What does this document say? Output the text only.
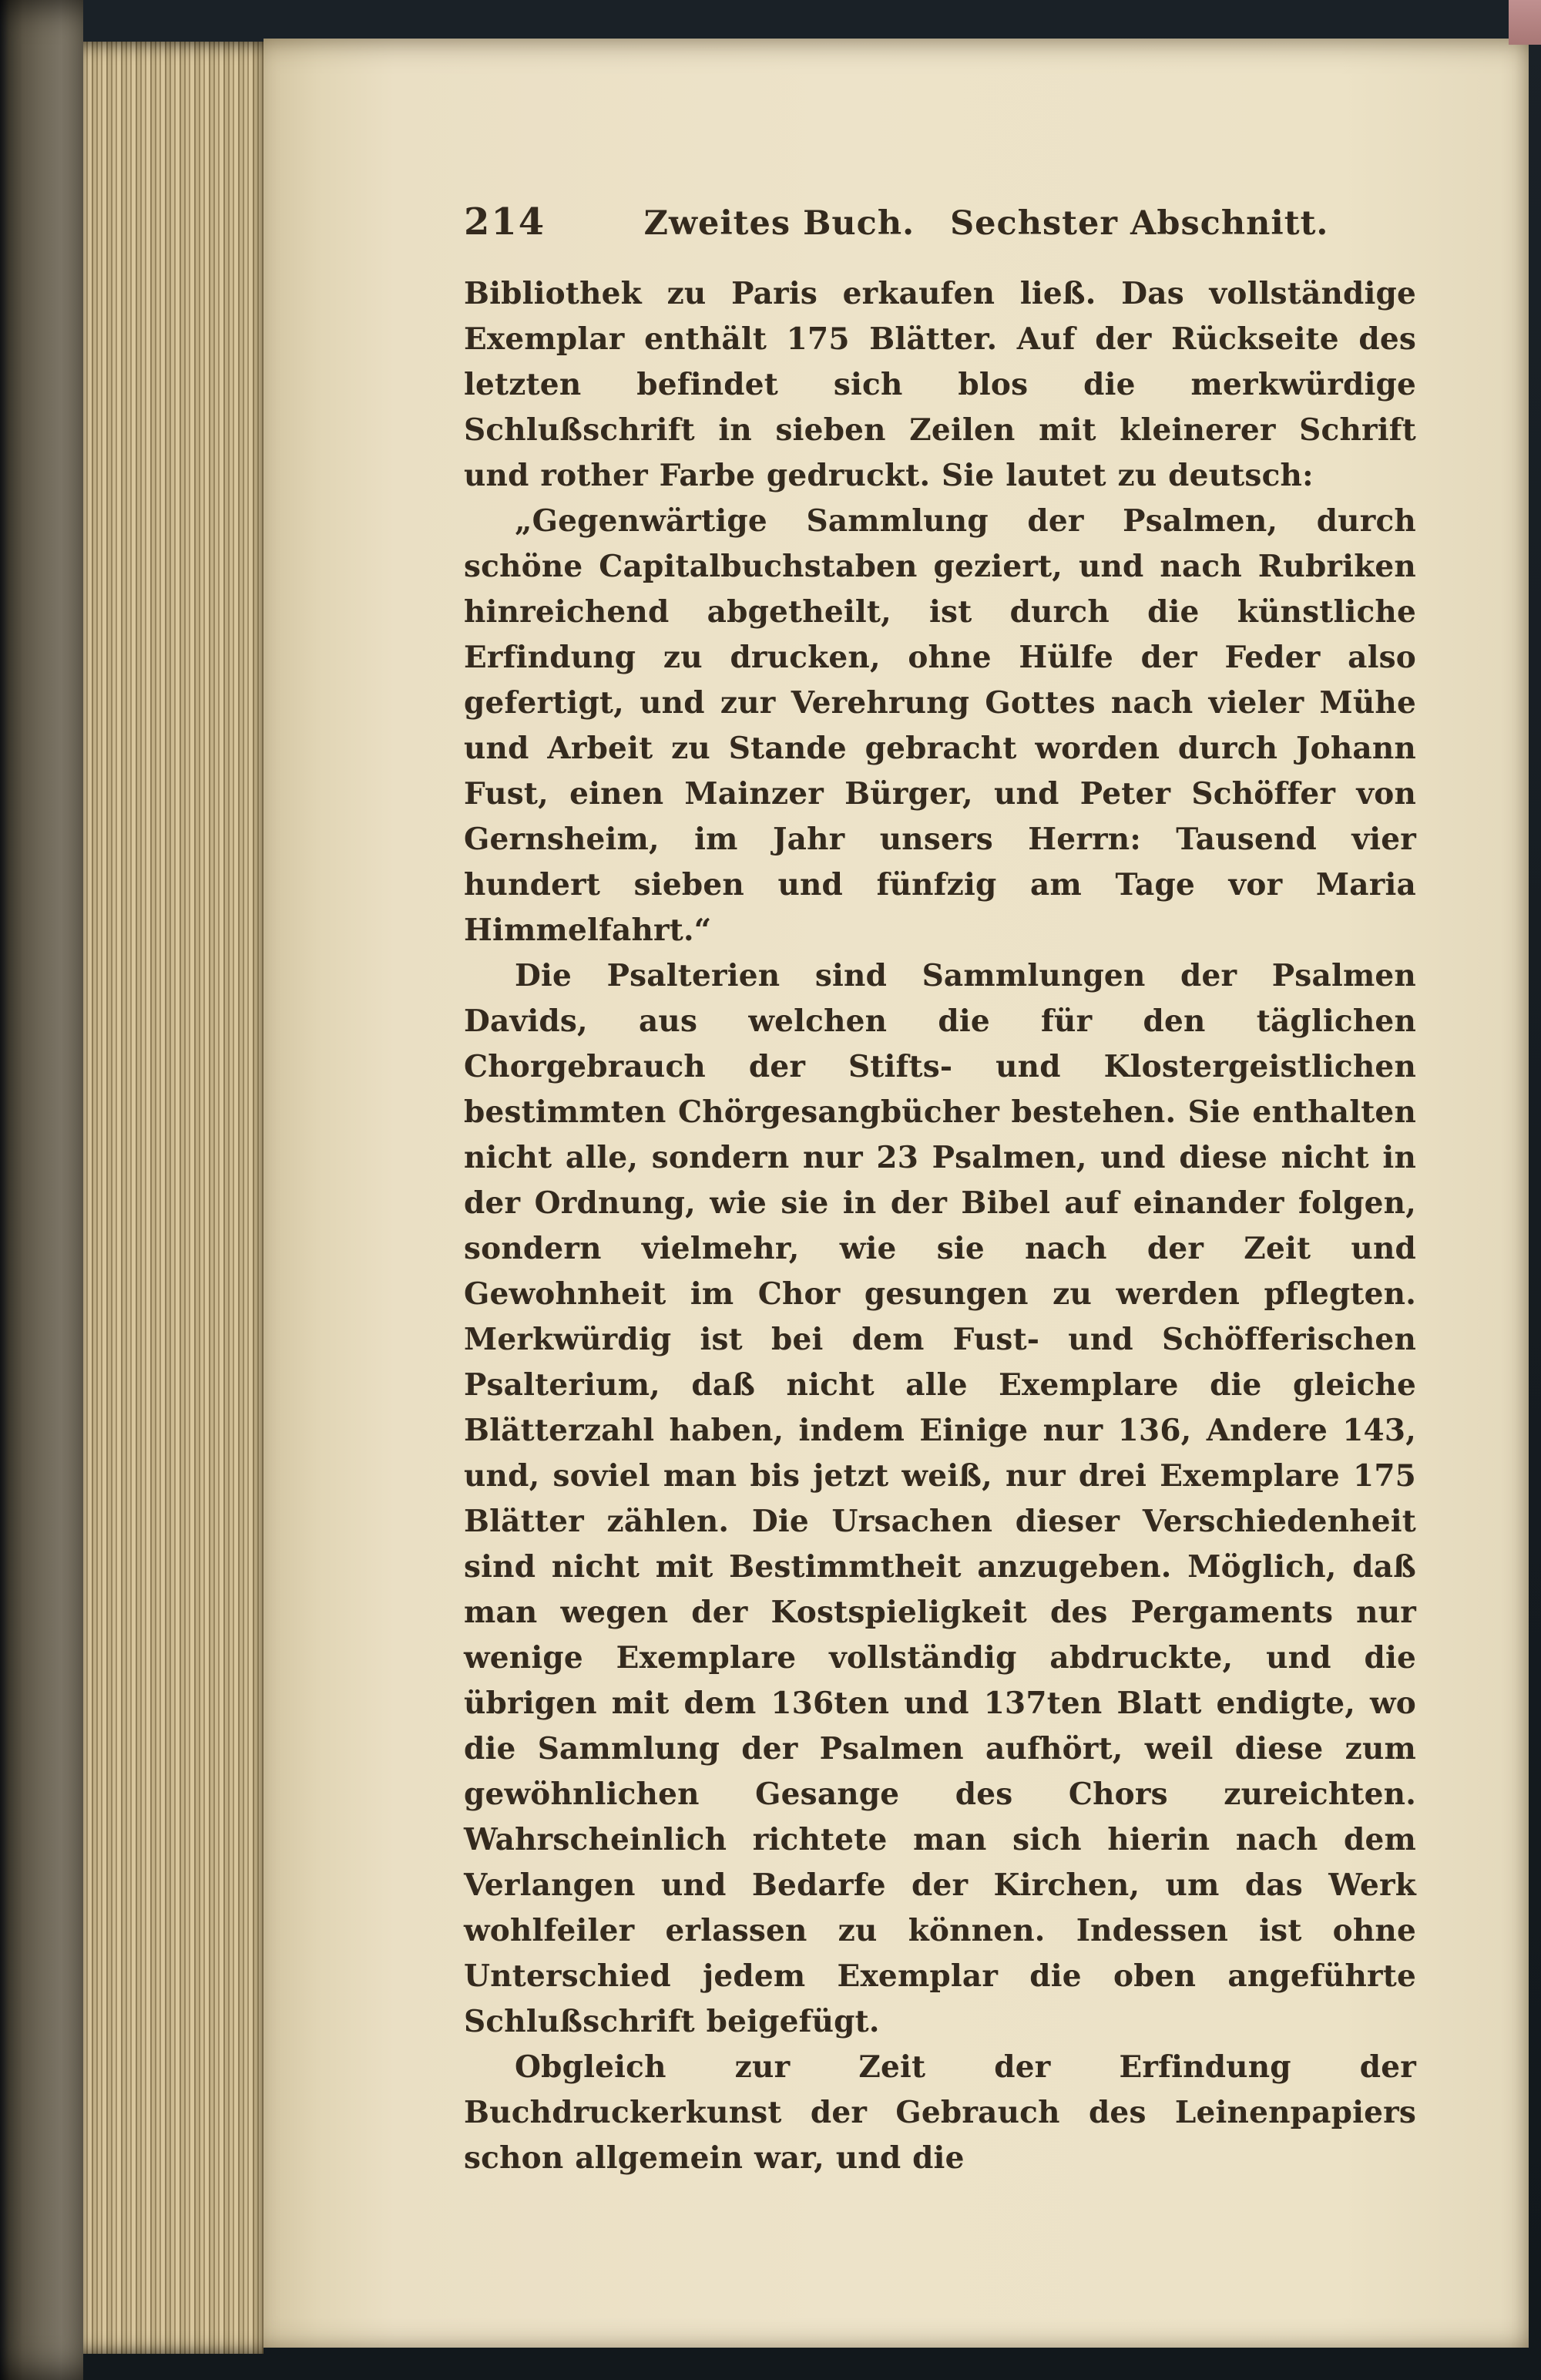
214	Zweites Buch. Sechster Abschnitt.

Bibliothek zu Paris erkaufen ließ. Das vollständige Exemplar enthält 175 Blätter. Auf der Rückseite des letzten befindet sich blos die merkwürdige Schlußschrift in sieben Zeilen mit kleinerer Schrift und rother Farbe gedruckt. Sie lautet zu deutsch:

„Gegenwärtige Sammlung der Psalmen, durch schöne Capitalbuchstaben geziert, und nach Rubriken hinreichend abgetheilt, ist durch die künstliche Erfindung zu drucken, ohne Hülfe der Feder also gefertigt, und zur Verehrung Gottes nach vieler Mühe und Arbeit zu Stande gebracht worden durch Johann Fust, einen Mainzer Bürger, und Peter Schöffer von Gernsheim, im Jahr unsers Herrn: Tausend vier hundert sieben und fünfzig am Tage vor Maria Himmelfahrt.“

Die Psalterien sind Sammlungen der Psalmen Davids, aus welchen die für den täglichen Chorgebrauch der Stifts- und Klostergeistlichen bestimmten Chörgesangbücher bestehen. Sie enthalten nicht alle, sondern nur 23 Psalmen, und diese nicht in der Ordnung, wie sie in der Bibel auf einander folgen, sondern vielmehr, wie sie nach der Zeit und Gewohnheit im Chor gesungen zu werden pflegten. Merkwürdig ist bei dem Fust- und Schöfferischen Psalterium, daß nicht alle Exemplare die gleiche Blätterzahl haben, indem Einige nur 136, Andere 143, und, soviel man bis jetzt weiß, nur drei Exemplare 175 Blätter zählen. Die Ursachen dieser Verschiedenheit sind nicht mit Bestimmtheit anzugeben. Möglich, daß man wegen der Kostspieligkeit des Pergaments nur wenige Exemplare vollständig abdruckte, und die übrigen mit dem 136ten und 137ten Blatt endigte, wo die Sammlung der Psalmen aufhört, weil diese zum gewöhnlichen Gesange des Chors zureichten. Wahrscheinlich richtete man sich hierin nach dem Verlangen und Bedarfe der Kirchen, um das Werk wohlfeiler erlassen zu können. Indessen ist ohne Unterschied jedem Exemplar die oben angeführte Schlußschrift beigefügt.

Obgleich zur Zeit der Erfindung der Buchdruckerkunst der Gebrauch des Leinenpapiers schon allgemein war, und die
